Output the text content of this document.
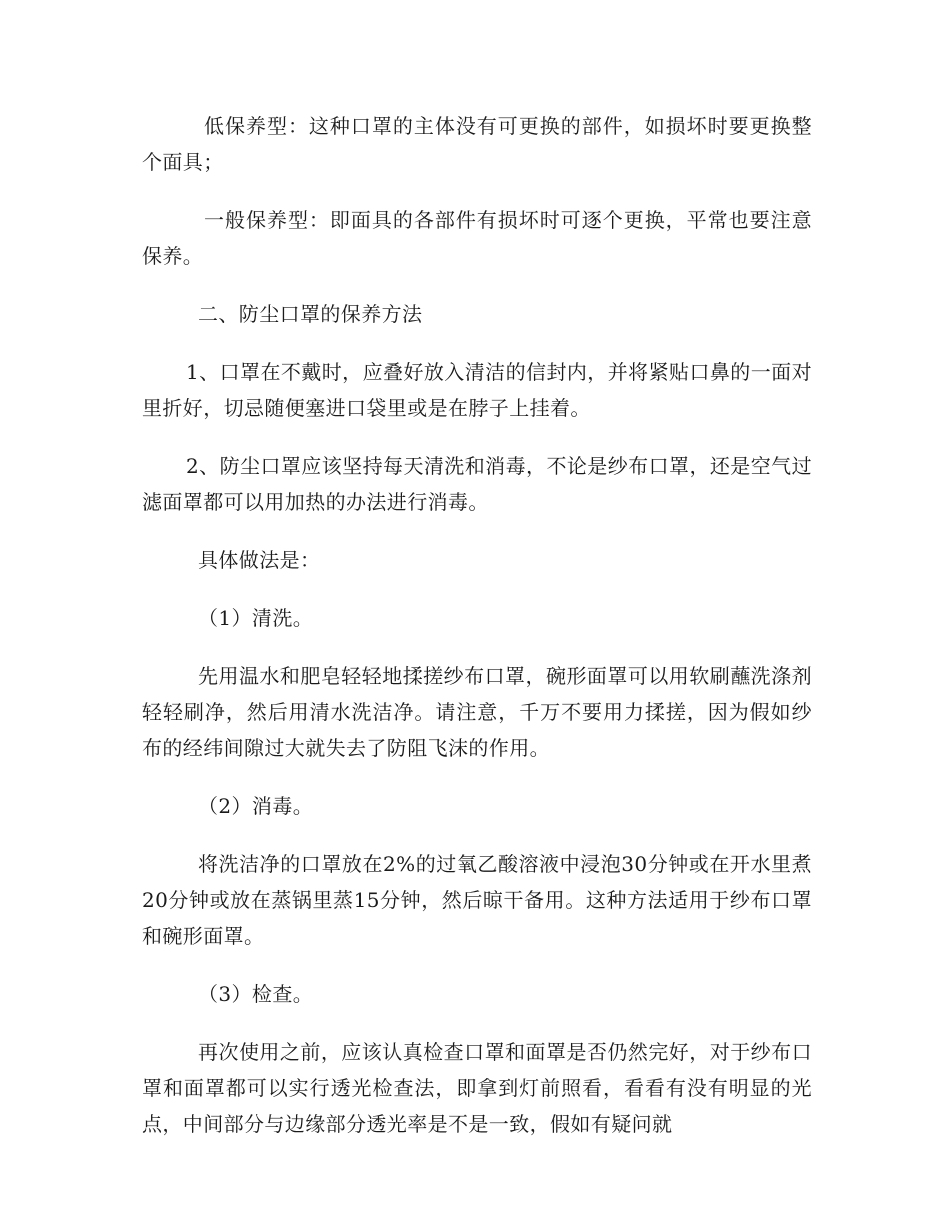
低保养型：这种口罩的主体没有可更换的部件，如损坏时要更换整个面具；

一般保养型：即面具的各部件有损坏时可逐个更换，平常也要注意保养。

二、防尘口罩的保养方法

1、口罩在不戴时，应叠好放入清洁的信封内，并将紧贴口鼻的一面对里折好，切忌随便塞进口袋里或是在脖子上挂着。

2、防尘口罩应该坚持每天清洗和消毒，不论是纱布口罩，还是空气过滤面罩都可以用加热的办法进行消毒。

具体做法是：

（1）清洗。

先用温水和肥皂轻轻地揉搓纱布口罩，碗形面罩可以用软刷蘸洗涤剂轻轻刷净，然后用清水洗洁净。请注意，千万不要用力揉搓，因为假如纱布的经纬间隙过大就失去了防阻飞沫的作用。

（2）消毒。

将洗洁净的口罩放在2%的过氧乙酸溶液中浸泡30分钟或在开水里煮20分钟或放在蒸锅里蒸15分钟，然后晾干备用。这种方法适用于纱布口罩和碗形面罩。

（3）检查。

再次使用之前，应该认真检查口罩和面罩是否仍然完好，对于纱布口罩和面罩都可以实行透光检查法，即拿到灯前照看，看看有没有明显的光点，中间部分与边缘部分透光率是不是一致，假如有疑问就
